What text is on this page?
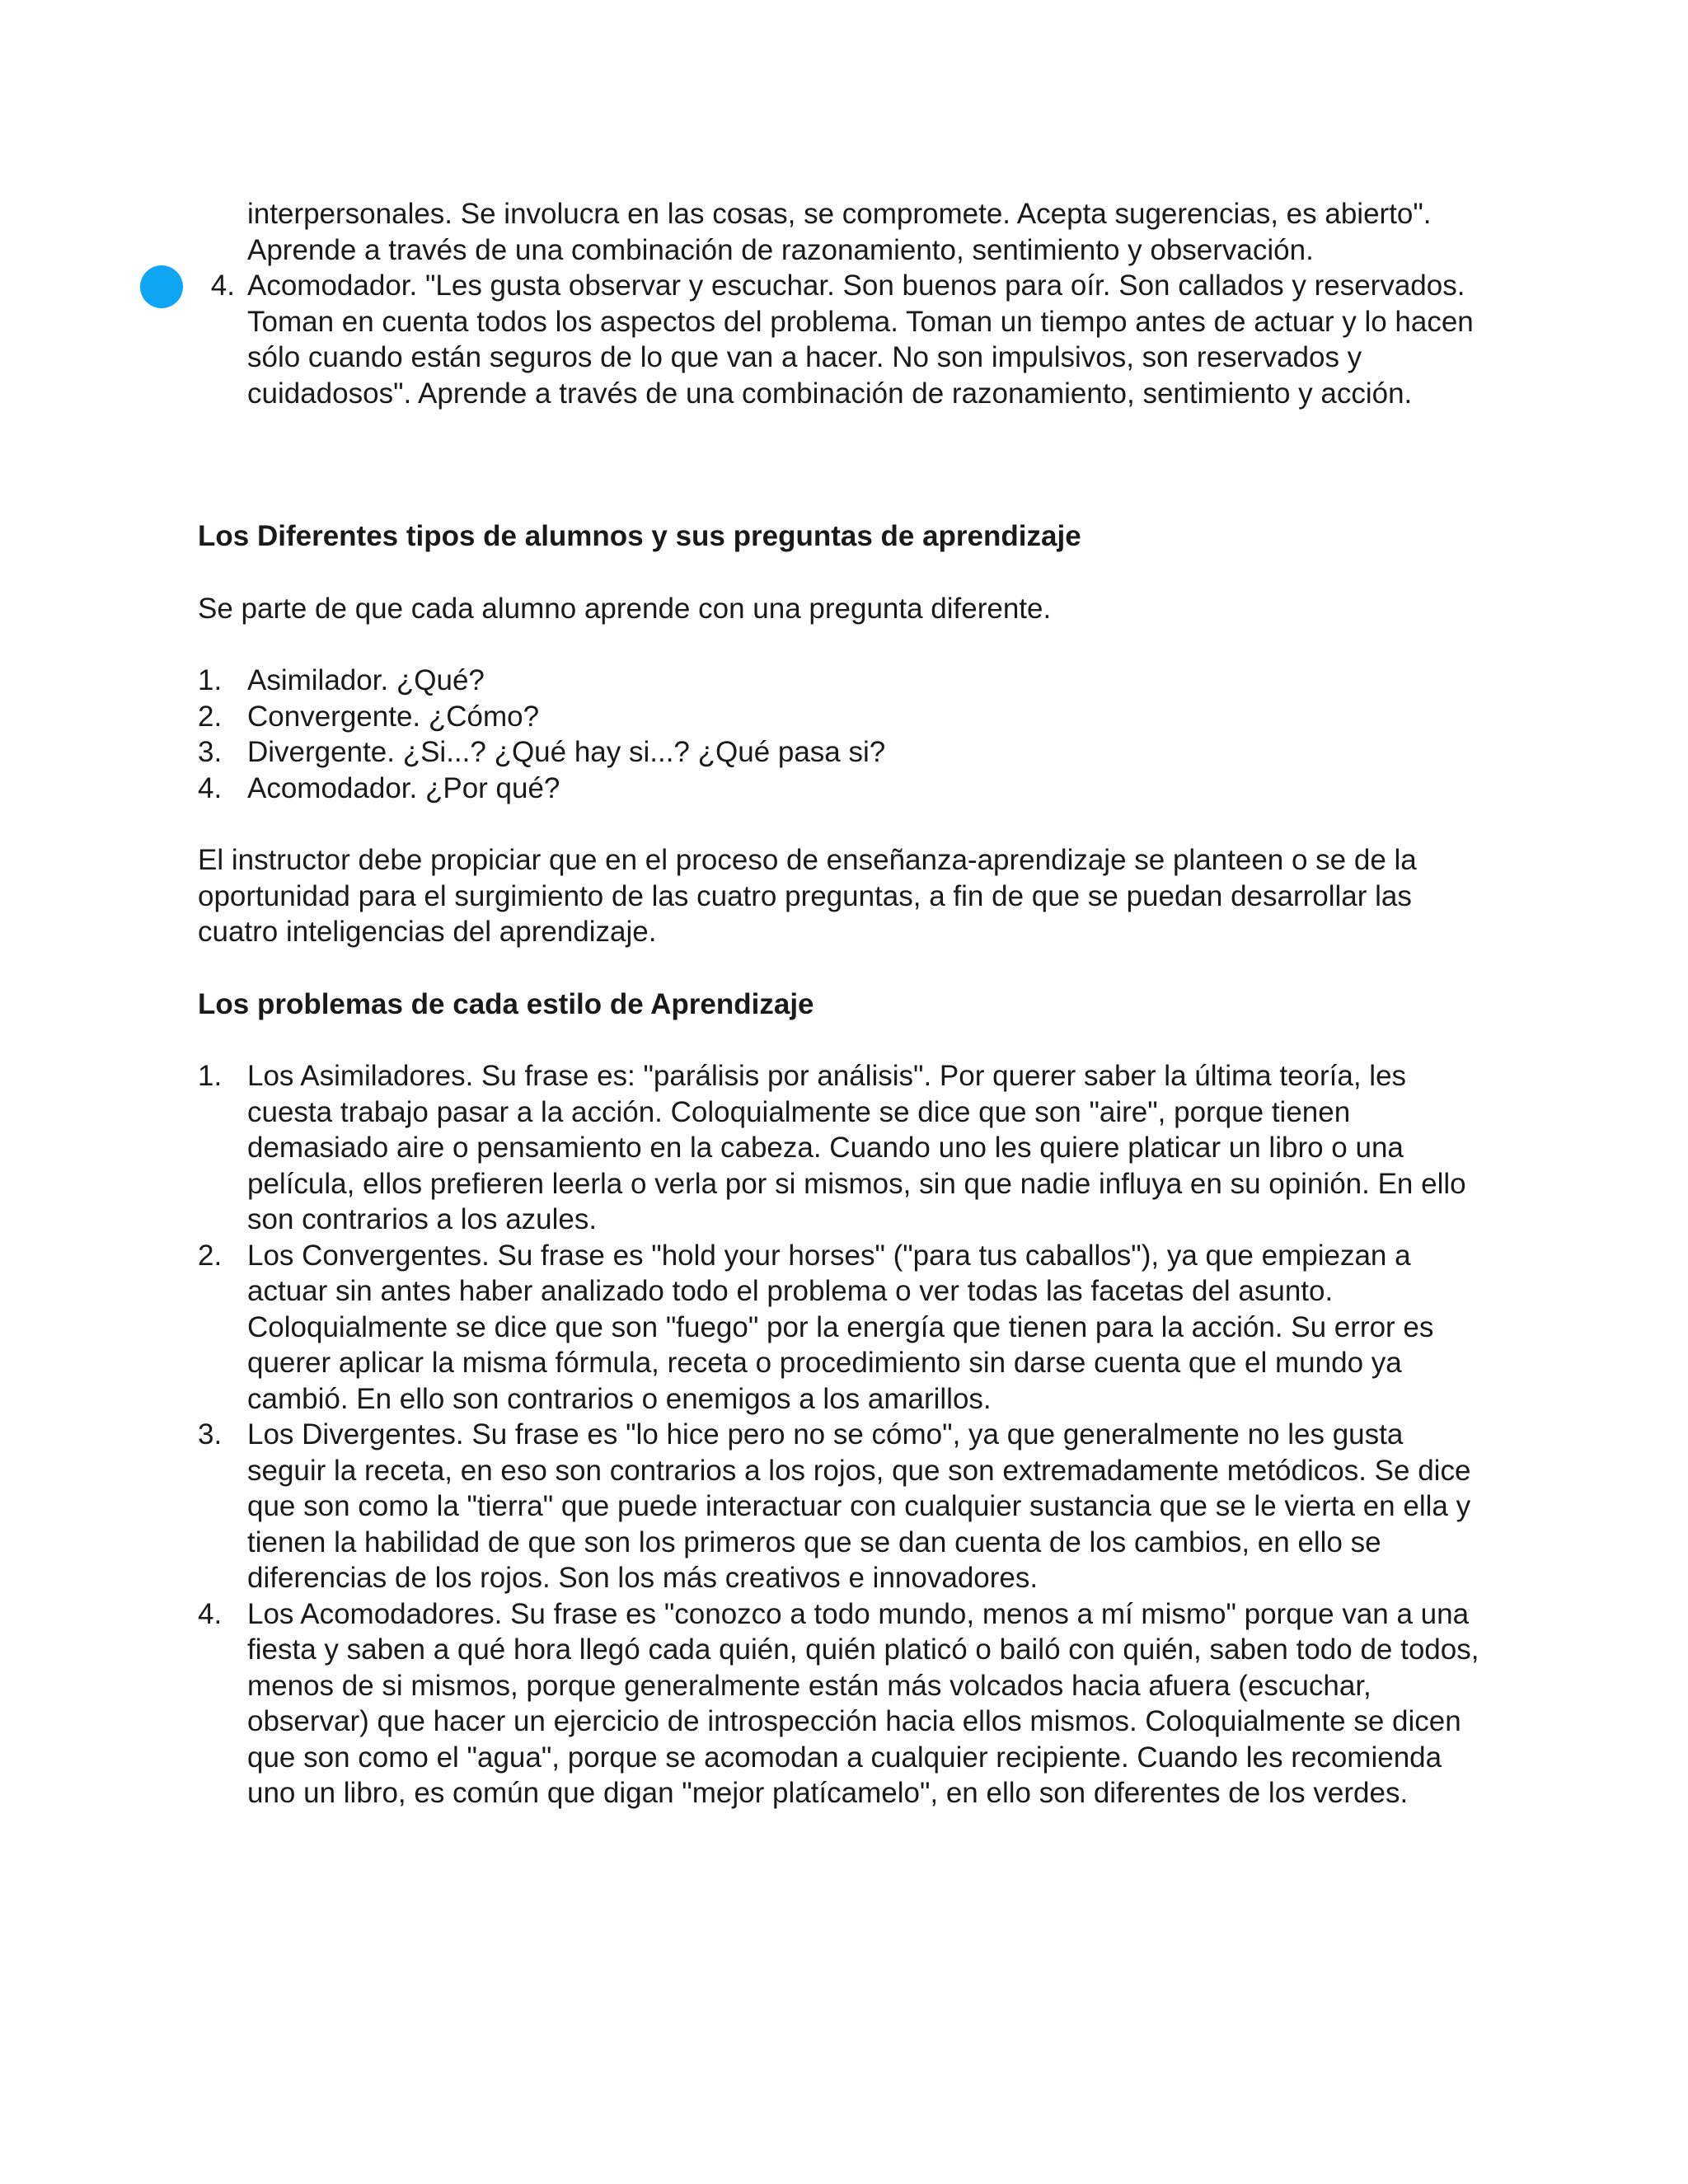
interpersonales. Se involucra en las cosas, se compromete. Acepta sugerencias, es abierto". Aprende a través de una combinación de razonamiento, sentimiento y observación.
4. Acomodador. "Les gusta observar y escuchar. Son buenos para oír. Son callados y reservados. Toman en cuenta todos los aspectos del problema. Toman un tiempo antes de actuar y lo hacen sólo cuando están seguros de lo que van a hacer. No son impulsivos, son reservados y cuidadosos". Aprende a través de una combinación de razonamiento, sentimiento y acción.
Los Diferentes tipos de alumnos y sus preguntas de aprendizaje

Se parte de que cada alumno aprende con una pregunta diferente.

1. Asimilador. ¿Qué?
2. Convergente. ¿Cómo?
3. Divergente. ¿Si...? ¿Qué hay si...? ¿Qué pasa si?
4. Acomodador. ¿Por qué?

El instructor debe propiciar que en el proceso de enseñanza-aprendizaje se planteen o se de la oportunidad para el surgimiento de las cuatro preguntas, a fin de que se puedan desarrollar las cuatro inteligencias del aprendizaje.

Los problemas de cada estilo de Aprendizaje
1. Los Asimiladores. Su frase es: "parálisis por análisis". Por querer saber la última teoría, les cuesta trabajo pasar a la acción. Coloquialmente se dice que son "aire", porque tienen demasiado aire o pensamiento en la cabeza. Cuando uno les quiere platicar un libro o una película, ellos prefieren leerla o verla por si mismos, sin que nadie influya en su opinión. En ello son contrarios a los azules.
2. Los Convergentes. Su frase es "hold your horses" ("para tus caballos"), ya que empiezan a actuar sin antes haber analizado todo el problema o ver todas las facetas del asunto. Coloquialmente se dice que son "fuego" por la energía que tienen para la acción. Su error es querer aplicar la misma fórmula, receta o procedimiento sin darse cuenta que el mundo ya cambió. En ello son contrarios o enemigos a los amarillos.
3. Los Divergentes. Su frase es "lo hice pero no se cómo", ya que generalmente no les gusta seguir la receta, en eso son contrarios a los rojos, que son extremadamente metódicos. Se dice que son como la "tierra" que puede interactuar con cualquier sustancia que se le vierta en ella y tienen la habilidad de que son los primeros que se dan cuenta de los cambios, en ello se diferencias de los rojos. Son los más creativos e innovadores.
4. Los Acomodadores. Su frase es "conozco a todo mundo, menos a mí mismo" porque van a una fiesta y saben a qué hora llegó cada quién, quién platicó o bailó con quién, saben todo de todos, menos de si mismos, porque generalmente están más volcados hacia afuera (escuchar, observar) que hacer un ejercicio de introspección hacia ellos mismos. Coloquialmente se dicen que son como el "agua", porque se acomodan a cualquier recipiente. Cuando les recomienda uno un libro, es común que digan "mejor platícamelo", en ello son diferentes de los verdes.
